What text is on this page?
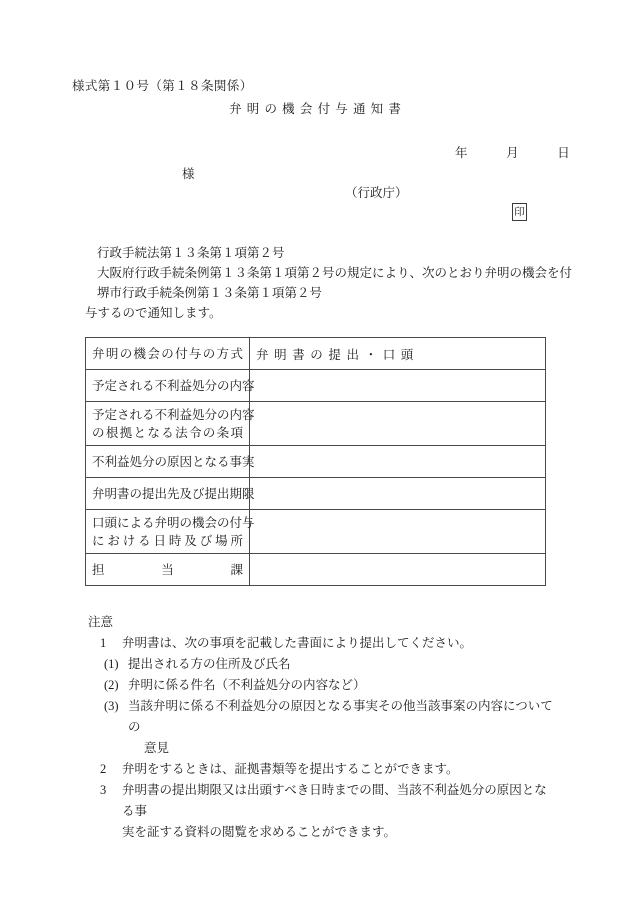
様式第１０号（第１８条関係）
弁明の機会付与通知書
年	月	日
様
（行政庁）
印
行政手続法第１３条第１項第２号
大阪府行政手続条例第１３条第１項第２号の規定により、次のとおり弁明の機会を付
堺市行政手続条例第１３条第１項第２号
与するので通知します。
弁明の機会の付与の方式	弁明書の提出・口頭

予定される不利益処分の内容	

予定される不利益処分の内容
の根拠となる法令の条項	

不利益処分の原因となる事実	

弁明書の提出先及び提出期限	

口頭による弁明の機会の付与
における日時及び場所	

担当課	

注意
1	弁明書は、次の事項を記載した書面により提出してください。
(1) 提出される方の住所及び氏名
(2) 弁明に係る件名（不利益処分の内容など）
(3) 当該弁明に係る不利益処分の原因となる事実その他当該事案の内容についての
意見
2	弁明をするときは、証拠書類等を提出することができます。
3	弁明書の提出期限又は出頭すべき日時までの間、当該不利益処分の原因となる事
実を証する資料の閲覧を求めることができます。
